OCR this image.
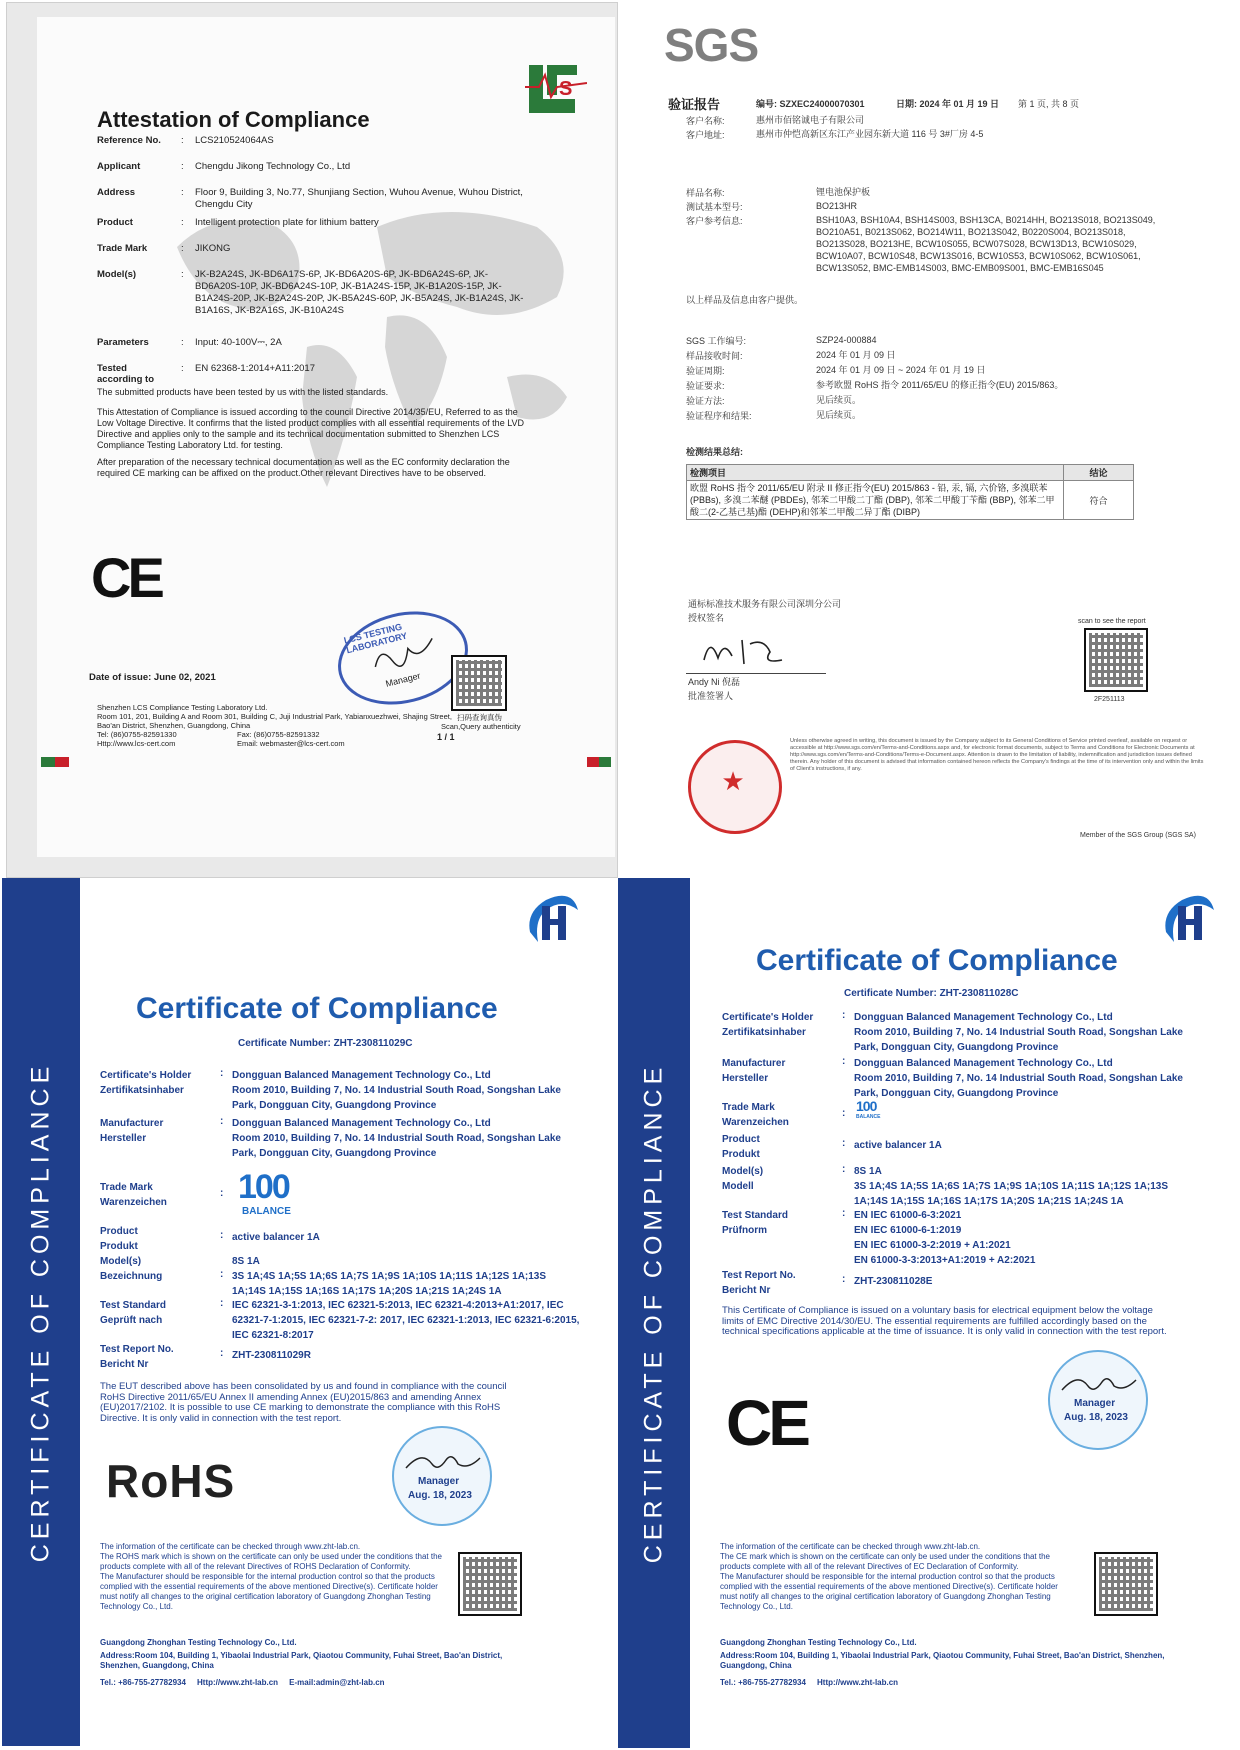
S
Attestation of Compliance
Reference No.	: LCS210524064AS
Applicant	: Chengdu Jikong Technology Co., Ltd
Address	: Floor 9, Building 3, No.77, Shunjiang Section, Wuhou Avenue, Wuhou District, Chengdu City
Product	: Intelligent protection plate for lithium battery
Trade Mark	: JIKONG
Model(s)	: JK-B2A24S, JK-BD6A17S-6P, JK-BD6A20S-6P, JK-BD6A24S-6P, JK-BD6A20S-10P, JK-BD6A24S-10P, JK-B1A24S-15P, JK-B1A20S-15P, JK-B1A24S-20P, JK-B2A24S-20P, JK-B5A24S-60P, JK-B5A24S, JK-B1A24S, JK-B1A16S, JK-B2A16S, JK-B10A24S
Parameters	: Input: 40-100V⎓, 2A
Tested according to
: EN 62368-1:2014+A11:2017
The submitted products have been tested by us with the listed standards.
This Attestation of Compliance is issued according to the council Directive 2014/35/EU, Referred to as the Low Voltage Directive. It confirms that the listed product complies with all essential requirements of the LVD Directive and applies only to the sample and its technical documentation submitted to Shenzhen LCS Compliance Testing Laboratory Ltd. for testing.
After preparation of the necessary technical documentation as well as the EC conformity declaration the required CE marking can be affixed on the product.Other relevant Directives have to be observed.
CE
LCS TESTING LABORATORY
Manager
扫码查询真伪
Scan,Query authenticity
1 / 1
Date of issue: June 02, 2021
Shenzhen LCS Compliance Testing Laboratory Ltd.
Room 101, 201, Building A and Room 301, Building C, Juji Industrial Park, Yabianxuezhwei, Shajing Street,
Bao'an District, Shenzhen, Guangdong, China
Tel: (86)0755-82591330	Fax: (86)0755-82591332
Http://www.lcs-cert.com	Email: webmaster@lcs-cert.com
SGS
验证报告	编号: SZXEC24000070301	日期: 2024 年 01 月 19 日 第 1 页, 共 8 页
客户名称:	惠州市佰铭诚电子有限公司
客户地址:	惠州市仲恺高新区东江产业园东新大道 116 号 3#厂房 4-5
样品名称:	锂电池保护板
测试基本型号:	BO213HR
客户参考信息:	BSH10A3, BSH10A4, BSH14S003, BSH13CA, B0214HH, BO213S018, BO213S049, BO210A51, B0213S062, BO214W11, BO213S042, B0220S004, BO213S018, BO213S028, BO213HE, BCW10S055, BCW07S028, BCW13D13, BCW10S029, BCW10A07, BCW10S48, BCW13S016, BCW10S53, BCW10S062, BCW10S061, BCW13S052, BMC-EMB14S003, BMC-EMB09S001, BMC-EMB16S045
以上样品及信息由客户提供。
SGS 工作编号:	SZP24-000884
样品接收时间:	2024 年 01 月 09 日
验证周期:	2024 年 01 月 09 日 ~ 2024 年 01 月 19 日
验证要求:	参考欧盟 RoHS 指令 2011/65/EU 的修正指令(EU) 2015/863。
验证方法:	见后续页。
验证程序和结果:	见后续页。
检测结果总结:
检测项目	结论
欧盟 RoHS 指令 2011/65/EU 附录 II 修正指令(EU) 2015/863 - 铅, 汞, 镉, 六价铬, 多溴联苯 (PBBs), 多溴二苯醚 (PBDEs), 邻苯二甲酸二丁酯 (DBP), 邻苯二甲酸丁苄酯 (BBP), 邻苯二甲酸二(2-乙基己基)酯 (DEHP)和邻苯二甲酸二异丁酯 (DIBP)	符合
通标标准技术服务有限公司深圳分公司
授权签名
Andy Ni 倪磊
批准签署人
scan to see the report
2F251113
★
Unless otherwise agreed in writing, this document is issued by the Company subject to its General Conditions of Service printed overleaf, available on request or accessible at http://www.sgs.com/en/Terms-and-Conditions.aspx and, for electronic format documents, subject to Terms and Conditions for Electronic Documents at http://www.sgs.com/en/Terms-and-Conditions/Terms-e-Document.aspx. Attention is drawn to the limitation of liability, indemnification and jurisdiction issues defined therein. Any holder of this document is advised that information contained hereon reflects the Company's findings at the time of its intervention only and within the limits of Client's instructions, if any.
Member of the SGS Group (SGS SA)
CERTIFICATE OF COMPLIANCE
Certificate of Compliance
Certificate Number: ZHT-230811029C
Certificate's Holder
Zertifikatsinhaber
: Dongguan Balanced Management Technology Co., Ltd
Room 2010, Building 7, No. 14 Industrial South Road, Songshan Lake Park, Dongguan City, Guangdong Province
Manufacturer
Hersteller
: Dongguan Balanced Management Technology Co., Ltd
Room 2010, Building 7, No. 14 Industrial South Road, Songshan Lake Park, Dongguan City, Guangdong Province
Trade Mark
Warenzeichen
: 100
BALANCE
Product
Produkt
: active balancer 1A
Model(s)
Bezeichnung	:
8S 1A
3S 1A;4S 1A;5S 1A;6S 1A;7S 1A;9S 1A;10S 1A;11S 1A;12S 1A;13S 1A;14S 1A;15S 1A;16S 1A;17S 1A;20S 1A;21S 1A;24S 1A
Test Standard
Geprüft nach
: IEC 62321-3-1:2013, IEC 62321-5:2013, IEC 62321-4:2013+A1:2017, IEC 62321-7-1:2015, IEC 62321-7-2: 2017, IEC 62321-1:2013, IEC 62321-6:2015, IEC 62321-8:2017
Test Report No.
Bericht Nr
: ZHT-230811029R
The EUT described above has been consolidated by us and found in compliance with the council RoHS Directive 2011/65/EU Annex II amending Annex (EU)2015/863 and amending Annex (EU)2017/2102. It is possible to use CE marking to demonstrate the compliance with this RoHS Directive. It is only valid in connection with the test report.
RoHS	Manager
Aug. 18, 2023
The information of the certificate can be checked through www.zht-lab.cn.
The ROHS mark which is shown on the certificate can only be used under the conditions that the products complete with all of the relevant Directives of ROHS Declaration of Conformity.
The Manufacturer should be responsible for the internal production control so that the products complied with the essential requirements of the above mentioned Directive(s). Certificate holder must notify all changes to the original certification laboratory of Guangdong Zhonghan Testing Technology Co., Ltd.
Guangdong Zhonghan Testing Technology Co., Ltd.
Address:Room 104, Building 1, Yibaolai Industrial Park, Qiaotou Community, Fuhai Street, Bao'an District, Shenzhen, Guangdong, China
Tel.: +86-755-27782934     Http://www.zht-lab.cn     E-mail:admin@zht-lab.cn
CERTIFICATE OF COMPLIANCE
Certificate of Compliance
Certificate Number: ZHT-230811028C
Certificate's Holder
Zertifikatsinhaber
: Dongguan Balanced Management Technology Co., Ltd
Room 2010, Building 7, No. 14 Industrial South Road, Songshan Lake Park, Dongguan City, Guangdong Province
Manufacturer
Hersteller
: Dongguan Balanced Management Technology Co., Ltd
Room 2010, Building 7, No. 14 Industrial South Road, Songshan Lake Park, Dongguan City, Guangdong Province
Trade Mark
Warenzeichen
: 100
BALANCE
Product
Produkt
: active balancer 1A
Model(s)
Modell
: 8S 1A
3S 1A;4S 1A;5S 1A;6S 1A;7S 1A;9S 1A;10S 1A;11S 1A;12S 1A;13S 1A;14S 1A;15S 1A;16S 1A;17S 1A;20S 1A;21S 1A;24S 1A
Test Standard
Prüfnorm
: EN IEC 61000-6-3:2021
EN IEC 61000-6-1:2019
EN IEC 61000-3-2:2019 + A1:2021
EN 61000-3-3:2013+A1:2019 + A2:2021
Test Report No.
Bericht Nr
: ZHT-230811028E
This Certificate of Compliance is issued on a voluntary basis for electrical equipment below the voltage limits of EMC Directive 2014/30/EU. The essential requirements are fulfilled accordingly based on the technical specifications applicable at the time of issuance. It is only valid in connection with the test report.
CE	Manager
Aug. 18, 2023
The information of the certificate can be checked through www.zht-lab.cn.
The CE mark which is shown on the certificate can only be used under the conditions that the products complete with all of the relevant Directives of EC Declaration of Conformity.
The Manufacturer should be responsible for the internal production control so that the products complied with the essential requirements of the above mentioned Directive(s). Certificate holder must notify all changes to the original certification laboratory of Guangdong Zhonghan Testing Technology Co., Ltd.
Guangdong Zhonghan Testing Technology Co., Ltd.
Address:Room 104, Building 1, Yibaolai Industrial Park, Qiaotou Community, Fuhai Street, Bao'an District, Shenzhen, Guangdong, China
Tel.: +86-755-27782934     Http://www.zht-lab.cn
